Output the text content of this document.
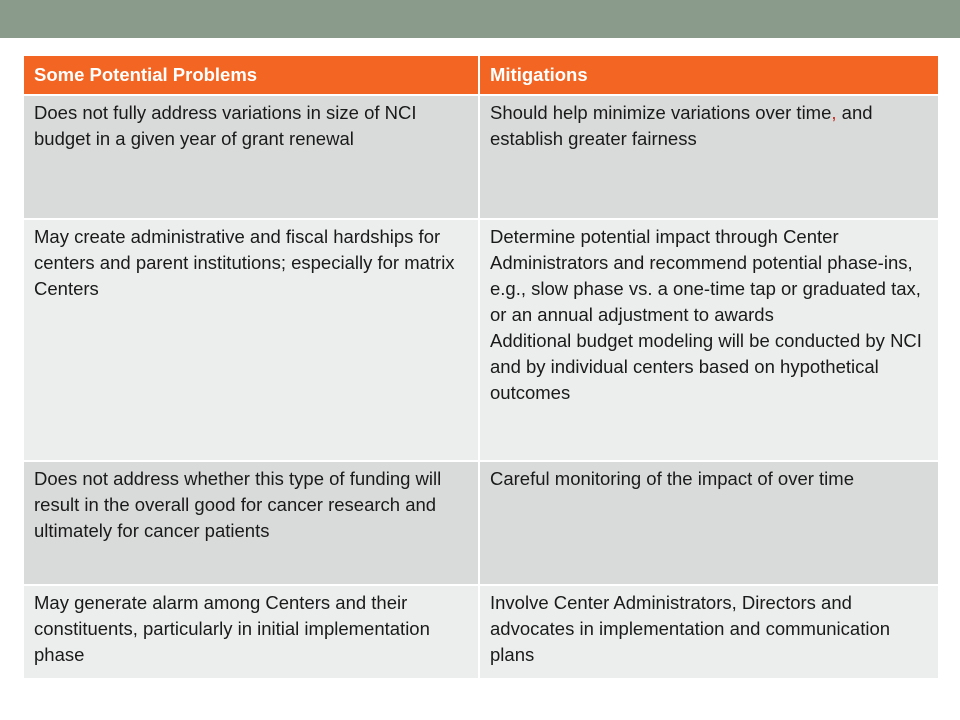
Some Potential Problems	Mitigations
Does not fully address variations in size of NCI budget in a given year of grant renewal	Should help minimize variations over time, and establish greater fairness
May create administrative and fiscal hardships for centers and parent institutions; especially for matrix Centers	Determine potential impact through Center Administrators and recommend potential phase-ins, e.g., slow phase vs. a one-time tap or graduated tax, or an annual adjustment to awards
Additional budget modeling will be conducted by NCI and by individual centers based on hypothetical outcomes

Does not address whether this type of funding will result in the overall good for cancer research and ultimately for cancer patients	Careful monitoring of the impact of over time
May generate alarm among Centers and their constituents, particularly in initial implementation phase	Involve Center Administrators, Directors and advocates in implementation and communication plans
